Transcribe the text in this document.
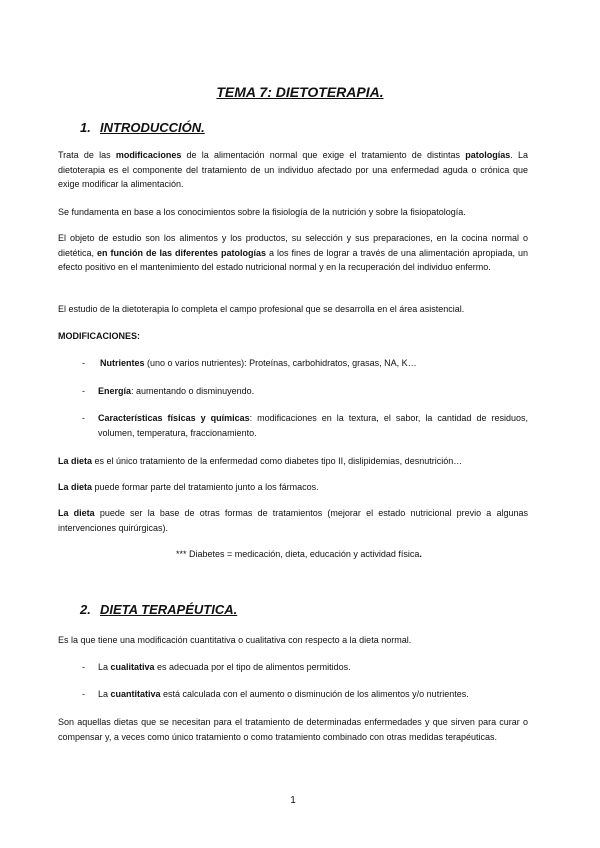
TEMA 7: DIETOTERAPIA.
1. INTRODUCCIÓN.
Trata de las modificaciones de la alimentación normal que exige el tratamiento de distintas patologías. La dietoterapia es el componente del tratamiento de un individuo afectado por una enfermedad aguda o crónica que exige modificar la alimentación.
Se fundamenta en base a los conocimientos sobre la fisiología de la nutrición y sobre la fisiopatología.
El objeto de estudio son los alimentos y los productos, su selección y sus preparaciones, en la cocina normal o dietética, en función de las diferentes patologías a los fines de lograr a través de una alimentación apropiada, un efecto positivo en el mantenimiento del estado nutricional normal y en la recuperación del individuo enfermo.
El estudio de la dietoterapia lo completa el campo profesional que se desarrolla en el área asistencial.
MODIFICACIONES:
- Nutrientes (uno o varios nutrientes): Proteínas, carbohidratos, grasas, NA, K…
- Energía: aumentando o disminuyendo.
- Características físicas y químicas: modificaciones en la textura, el sabor, la cantidad de residuos, volumen, temperatura, fraccionamiento.
La dieta es el único tratamiento de la enfermedad como diabetes tipo II, dislipidemias, desnutrición…
La dieta puede formar parte del tratamiento junto a los fármacos.
La dieta puede ser la base de otras formas de tratamientos (mejorar el estado nutricional previo a algunas intervenciones quirúrgicas).
*** Diabetes = medicación, dieta, educación y actividad física.
2. DIETA TERAPÉUTICA.
Es la que tiene una modificación cuantitativa o cualitativa con respecto a la dieta normal.
- La cualitativa es adecuada por el tipo de alimentos permitidos.
- La cuantitativa está calculada con el aumento o disminución de los alimentos y/o nutrientes.
Son aquellas dietas que se necesitan para el tratamiento de determinadas enfermedades y que sirven para curar o compensar y, a veces como único tratamiento o como tratamiento combinado con otras medidas terapéuticas.
1
